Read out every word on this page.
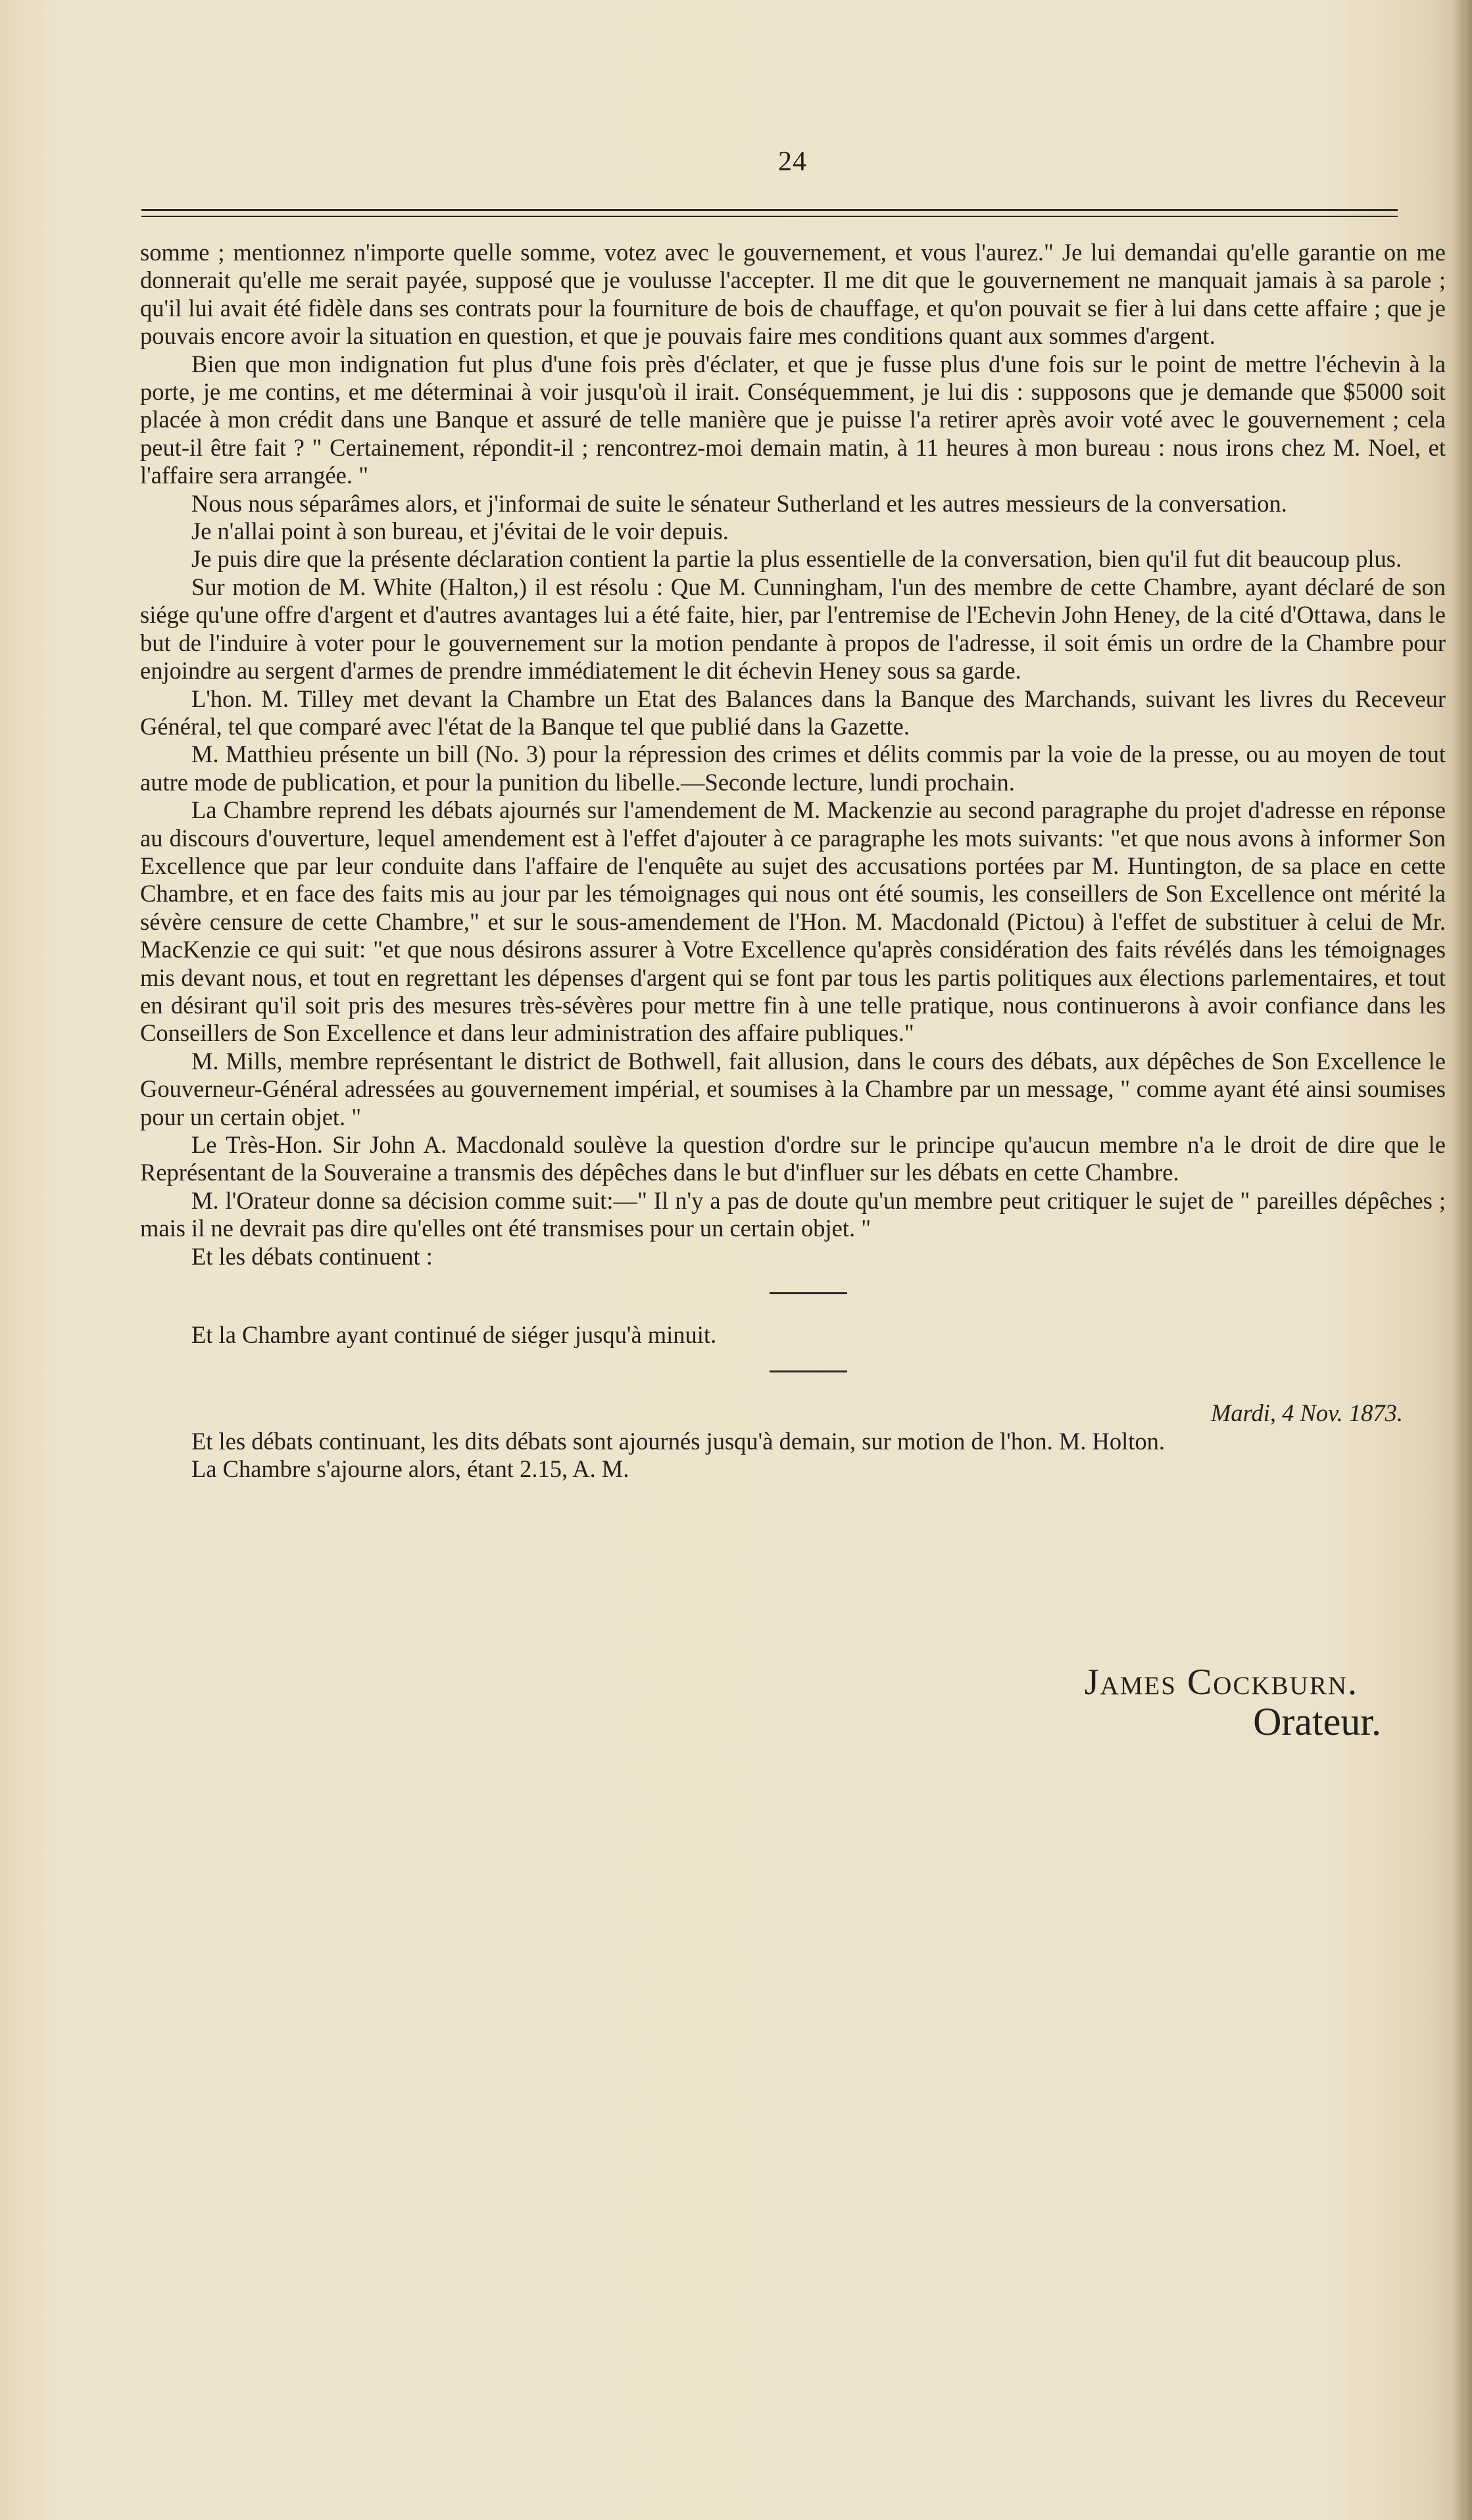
24

somme ; mentionnez n'importe quelle somme, votez avec le gouvernement, et vous l'aurez." Je lui demandai qu'elle garantie on me donnerait qu'elle me serait payée, supposé que je voulusse l'accepter. Il me dit que le gouvernement ne manquait jamais à sa parole ; qu'il lui avait été fidèle dans ses contrats pour la fourniture de bois de chauffage, et qu'on pouvait se fier à lui dans cette affaire ; que je pouvais encore avoir la situation en question, et que je pouvais faire mes conditions quant aux sommes d'argent.

Bien que mon indignation fut plus d'une fois près d'éclater, et que je fusse plus d'une fois sur le point de mettre l'échevin à la porte, je me contins, et me déterminai à voir jusqu'où il irait. Conséquemment, je lui dis : supposons que je demande que $5000 soit placée à mon crédit dans une Banque et assuré de telle manière que je puisse l'a retirer après avoir voté avec le gouvernement ; cela peut-il être fait ? " Certainement, répondit-il ; rencontrez-moi demain matin, à 11 heures à mon bureau : nous irons chez M. Noel, et l'affaire sera arrangée. "

Nous nous séparâmes alors, et j'informai de suite le sénateur Sutherland et les autres messieurs de la conversation.

Je n'allai point à son bureau, et j'évitai de le voir depuis.

Je puis dire que la présente déclaration contient la partie la plus essentielle de la conversation, bien qu'il fut dit beaucoup plus.

Sur motion de M. White (Halton,) il est résolu : Que M. Cunningham, l'un des membre de cette Chambre, ayant déclaré de son siége qu'une offre d'argent et d'autres avantages lui a été faite, hier, par l'entremise de l'Echevin John Heney, de la cité d'Ottawa, dans le but de l'induire à voter pour le gouvernement sur la motion pendante à propos de l'adresse, il soit émis un ordre de la Chambre pour enjoindre au sergent d'armes de prendre immédiatement le dit échevin Heney sous sa garde.

L'hon. M. Tilley met devant la Chambre un Etat des Balances dans la Banque des Marchands, suivant les livres du Receveur Général, tel que comparé avec l'état de la Banque tel que publié dans la Gazette.

M. Matthieu présente un bill (No. 3) pour la répression des crimes et délits commis par la voie de la presse, ou au moyen de tout autre mode de publication, et pour la punition du libelle.—Seconde lecture, lundi prochain.

La Chambre reprend les débats ajournés sur l'amendement de M. Mackenzie au second paragraphe du projet d'adresse en réponse au discours d'ouverture, lequel amendement est à l'effet d'ajouter à ce paragraphe les mots suivants: "et que nous avons à informer Son Excellence que par leur conduite dans l'affaire de l'enquête au sujet des accusations portées par M. Huntington, de sa place en cette Chambre, et en face des faits mis au jour par les témoignages qui nous ont été soumis, les conseillers de Son Excellence ont mérité la sévère censure de cette Chambre," et sur le sous-amendement de l'Hon. M. Macdonald (Pictou) à l'effet de substituer à celui de Mr. MacKenzie ce qui suit: "et que nous désirons assurer à Votre Excellence qu'après considération des faits révélés dans les témoignages mis devant nous, et tout en regrettant les dépenses d'argent qui se font par tous les partis politiques aux élections parlementaires, et tout en désirant qu'il soit pris des mesures très-sévères pour mettre fin à une telle pratique, nous continuerons à avoir confiance dans les Conseillers de Son Excellence et dans leur administration des affaire publiques."

M. Mills, membre représentant le district de Bothwell, fait allusion, dans le cours des débats, aux dépêches de Son Excellence le Gouverneur-Général adressées au gouvernement impérial, et soumises à la Chambre par un message, " comme ayant été ainsi soumises pour un certain objet. "

Le Très-Hon. Sir John A. Macdonald soulève la question d'ordre sur le principe qu'aucun membre n'a le droit de dire que le Représentant de la Souveraine a transmis des dépêches dans le but d'influer sur les débats en cette Chambre.

M. l'Orateur donne sa décision comme suit:—" Il n'y a pas de doute qu'un membre peut critiquer le sujet de " pareilles dépêches ; mais il ne devrait pas dire qu'elles ont été transmises pour un certain objet. "

Et les débats continuent :

Et la Chambre ayant continué de siéger jusqu'à minuit.

Mardi, 4 Nov. 1873.

Et les débats continuant, les dits débats sont ajournés jusqu'à demain, sur motion de l'hon. M. Holton.

La Chambre s'ajourne alors, étant 2.15, A. M.

James Cockburn.
Orateur.
